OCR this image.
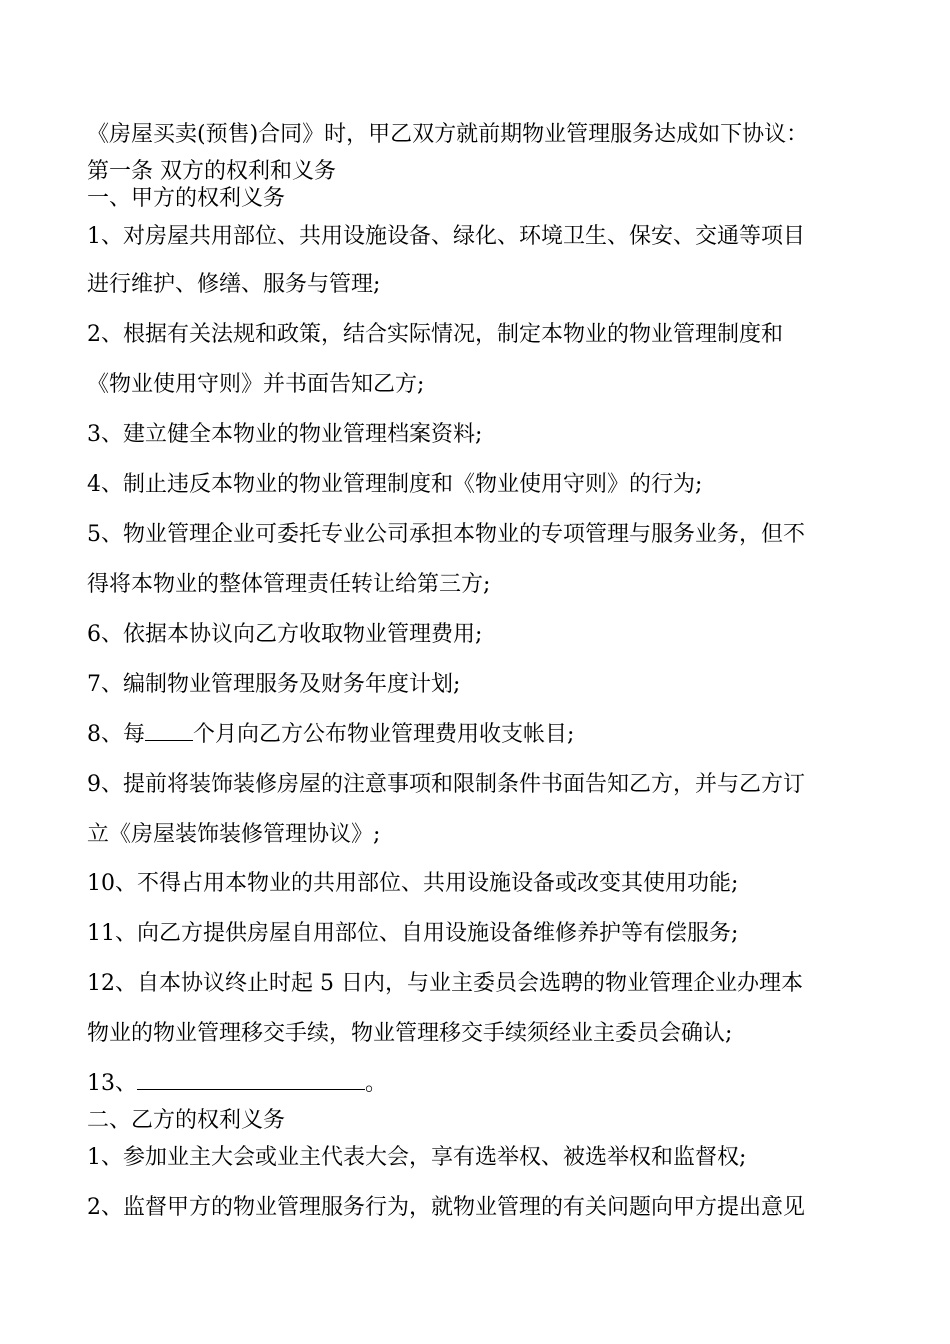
《房屋买卖(预售)合同》时，甲乙双方就前期物业管理服务达成如下协议：
第一条 双方的权利和义务
一、甲方的权利义务
1、对房屋共用部位、共用设施设备、绿化、环境卫生、保安、交通等项目
进行维护、修缮、服务与管理;
2、根据有关法规和政策，结合实际情况，制定本物业的物业管理制度和
《物业使用守则》并书面告知乙方;
3、建立健全本物业的物业管理档案资料;
4、制止违反本物业的物业管理制度和《物业使用守则》的行为;
5、物业管理企业可委托专业公司承担本物业的专项管理与服务业务，但不
得将本物业的整体管理责任转让给第三方;
6、依据本协议向乙方收取物业管理费用;
7、编制物业管理服务及财务年度计划;
8、每 个月向乙方公布物业管理费用收支帐目;
9、提前将装饰装修房屋的注意事项和限制条件书面告知乙方，并与乙方订
立《房屋装饰装修管理协议》;
10、不得占用本物业的共用部位、共用设施设备或改变其使用功能;
11、向乙方提供房屋自用部位、自用设施设备维修养护等有偿服务;
12、自本协议终止时起 5 日内，与业主委员会选聘的物业管理企业办理本
物业的物业管理移交手续，物业管理移交手续须经业主委员会确认;
13、	。
二、乙方的权利义务
1、参加业主大会或业主代表大会，享有选举权、被选举权和监督权;
2、监督甲方的物业管理服务行为，就物业管理的有关问题向甲方提出意见
